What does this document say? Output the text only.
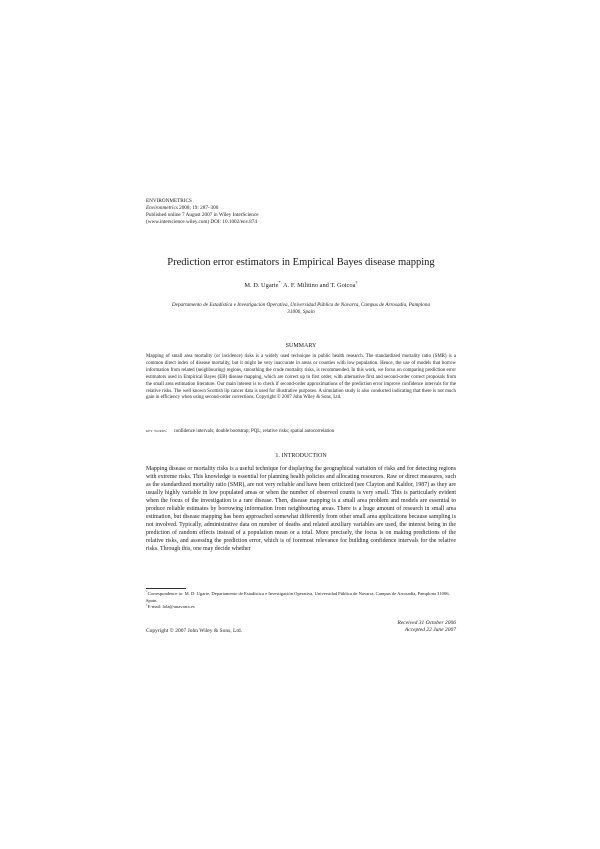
ENVIRONMETRICS
Environmetrics 2008; 19: 287–300
Published online 7 August 2007 in Wiley InterScience
(www.interscience.wiley.com) DOI: 10.1002/env.874
Prediction error estimators in Empirical Bayes disease mapping
M. D. Ugarte*, A. F. Militino and T. Goicoa†
Departamento de Estadística e Investigación Operativa, Universidad Pública de Navarra, Campus de Arrosadía, Pamplona
31006, Spain
SUMMARY

Mapping of small area mortality (or incidence) risks is a widely used technique in public health research. The standardized mortality ratio (SMR) is a common direct index of disease mortality, but it might be very inaccurate in areas or counties with low population. Hence, the use of models that borrow information from related (neighbouring) regions, smoothing the crude mortality risks, is recommended. In this work, we focus on comparing prediction error estimators used in Empirical Bayes (EB) disease mapping, which are correct up to first order, with alternative first and second-order correct proposals from the small area estimation literature. Our main interest is to check if second-order approximations of the prediction error improve confidence intervals for the relative risks. The well known Scottish lip cancer data is used for illustrative purposes. A simulation study is also conducted indicating that there is not much gain in efficiency when using second-order corrections. Copyright © 2007 John Wiley & Sons, Ltd.

key words: confidence intervals; double bootstrap; PQL; relative risks; spatial autocorrelation
1. INTRODUCTION

Mapping disease or mortality risks is a useful technique for displaying the geographical variation of risks and for detecting regions with extreme risks. This knowledge is essential for planning health policies and allocating resources. Raw or direct measures, such as the standardized mortality ratio (SMR), are not very reliable and have been criticized (see Clayton and Kaldor, 1987) as they are usually highly variable in low populated areas or when the number of observed counts is very small. This is particularly evident when the focus of the investigation is a rare disease. Then, disease mapping is a small area problem and models are essential to produce reliable estimates by borrowing information from neighbouring areas. There is a huge amount of research in small area estimation, but disease mapping has been approached somewhat differently from other small area applications because sampling is not involved. Typically, administrative data on number of deaths and related auxiliary variables are used, the interest being in the prediction of random effects instead of a population mean or a total. More precisely, the focus is on making predictions of the relative risks, and assessing the prediction error, which is of foremost relevance for building confidence intervals for the relative risks. Through this, one may decide whether

*Correspondence to: M. D. Ugarte, Departamento de Estadística e Investigación Operativa, Universidad Pública de Navarra, Campus de Arrosadía, Pamplona 31006, Spain.
†E-mail: lola@unavarra.es
Received 31 October 2006
Accepted 22 June 2007
Copyright © 2007 John Wiley & Sons, Ltd.
